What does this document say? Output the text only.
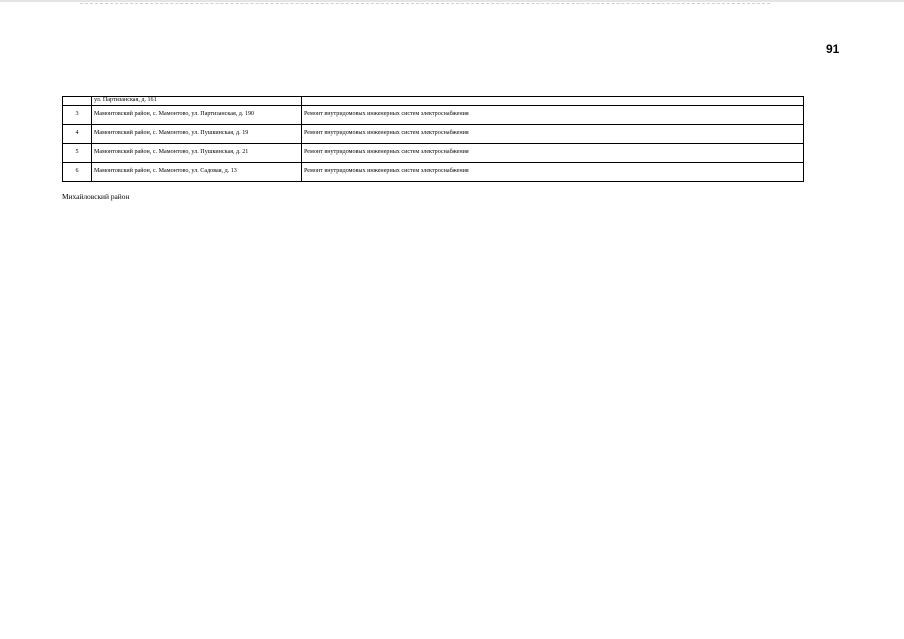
91
	ул. Партизанская, д. 161	
3	Мамонтовский район, с. Мамонтово, ул. Партизанская, д. 190	Ремонт внутридомовых инженерных систем электроснабжения
4	Мамонтовский район, с. Мамонтово, ул. Пушкинская, д. 19	Ремонт внутридомовых инженерных систем электроснабжения
5	Мамонтовский район, с. Мамонтово, ул. Пушкинская, д. 21	Ремонт внутридомовых инженерных систем электроснабжения
6	Мамонтовский район, с. Мамонтово, ул. Садовая, д. 13	Ремонт внутридомовых инженерных систем электроснабжения
Михайловский район
